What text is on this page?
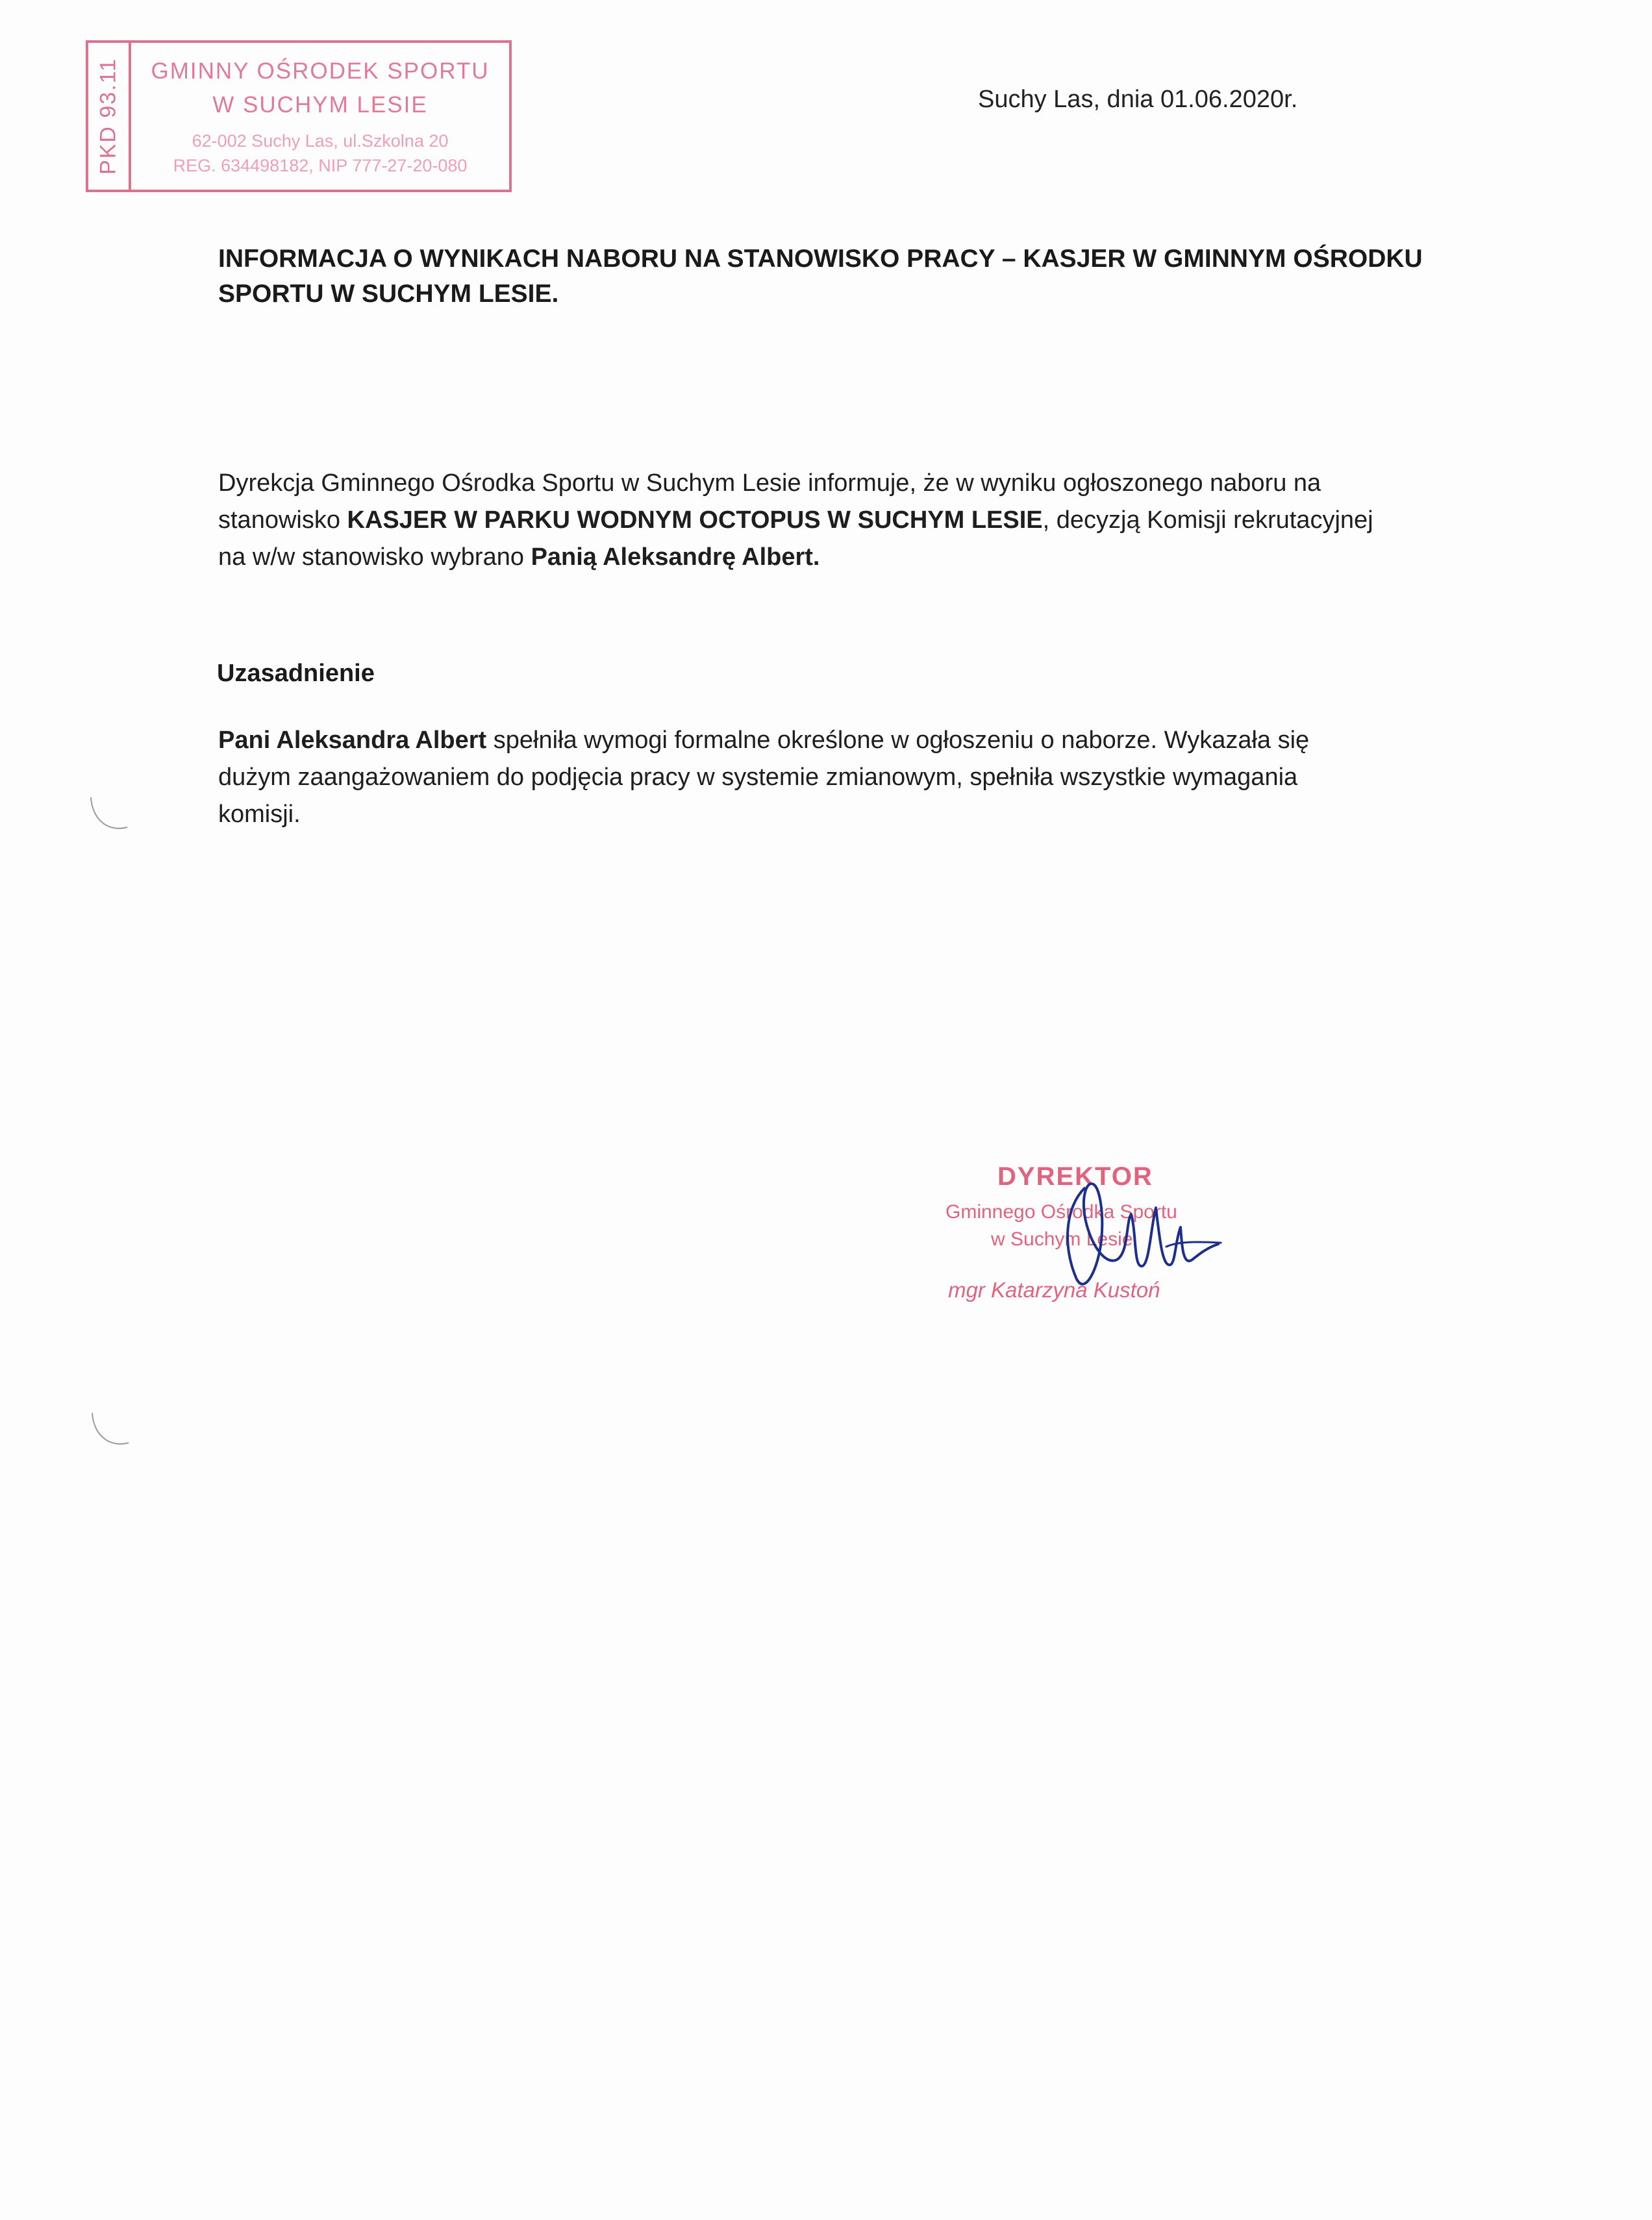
PKD 93.11	GMINNY OŚRODEK SPORTU
W SUCHYM LESIE
62-002 Suchy Las, ul.Szkolna 20
REG. 634498182, NIP 777-27-20-080
Suchy Las, dnia 01.06.2020r.
INFORMACJA O WYNIKACH NABORU NA STANOWISKO PRACY – KASJER W GMINNYM OŚRODKU
SPORTU W SUCHYM LESIE.
Dyrekcja Gminnego Ośrodka Sportu w Suchym Lesie informuje, że w wyniku ogłoszonego naboru na
stanowisko KASJER W PARKU WODNYM OCTOPUS W SUCHYM LESIE, decyzją Komisji rekrutacyjnej
na w/w stanowisko wybrano Panią Aleksandrę Albert.
Uzasadnienie
Pani Aleksandra Albert spełniła wymogi formalne określone w ogłoszeniu o naborze. Wykazała się
dużym zaangażowaniem do podjęcia pracy w systemie zmianowym, spełniła wszystkie wymagania
komisji.
DYREKTOR
Gminnego Ośrodka Sportu
w Suchym Lesie
mgr Katarzyna Kustoń
